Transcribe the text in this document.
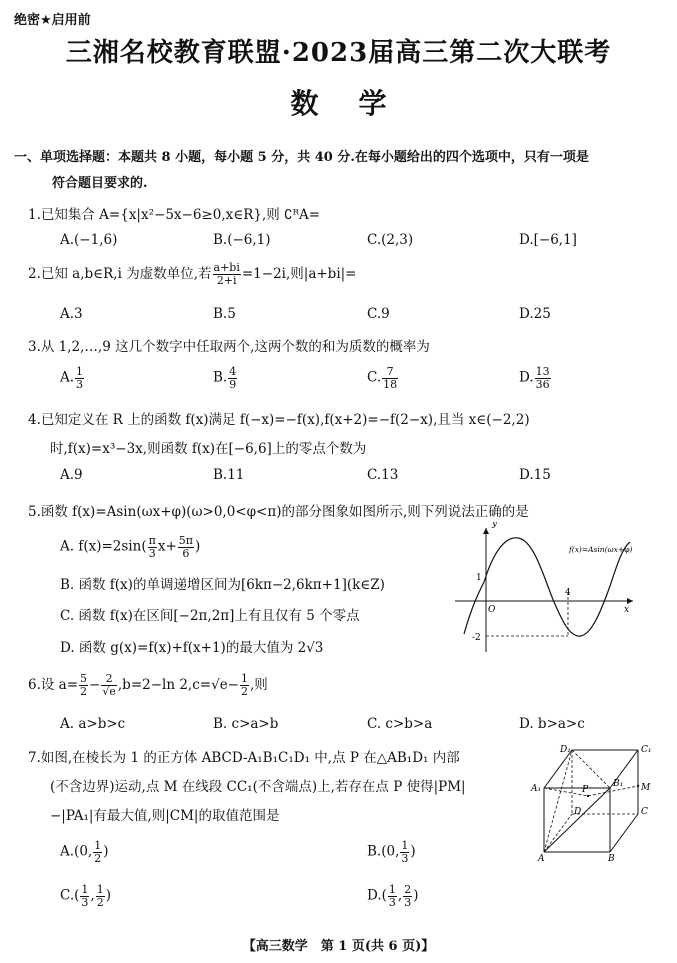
绝密★启用前
三湘名校教育联盟·2023届高三第二次大联考
数学
一、单项选择题：本题共 8 小题，每小题 5 分，共 40 分.在每小题给出的四个选项中，只有一项是
符合题目要求的.
1.已知集合 A={x|x²−5x−6≥0,x∈R},则 ∁ᴿA=
A.(−1,6)	B.(−6,1)	C.(2,3)	D.[−6,1]
2.已知 a,b∈R,i 为虚数单位,若 $\frac{a+bi}{2+i} =1-2i$,则|a+bi|=
A.3	B.5	C.9	D.25
3.从 1,2,…,9 这几个数字中任取两个,这两个数的和为质数的概率为
A. $\frac{1}{3}$	B. $\frac{4}{9}$	C. $\frac{7}{18}$	D. $\frac{13}{36}$
4.已知定义在 R 上的函数 f(x)满足 f(−x)=−f(x),f(x+2)=−f(2−x),且当 x∈(−2,2)
时,f(x)=x³−3x,则函数 f(x)在[−6,6]上的零点个数为
A.9	B.11	C.13	D.15
5.函数 f(x)=Asin(ωx+φ)(ω>0,0<φ<π)的部分图象如图所示,则下列说法正确的是
A. $f(x)=2\sin( \frac{\pi}{3} x+ \frac{5\pi}{6}$ )
B. 函数 f(x)的单调递增区间为[6kπ−2,6kπ+1](k∈Z)
C. 函数 f(x)在区间[−2π,2π]上有且仅有 5 个零点
D. 函数 g(x)=f(x)+f(x+1)的最大值为 2√3
y
x
O
1
4
-2
f(x)=Asin(ωx+φ)
6.设 $a= \frac{5}{2} - \frac{2}{√e} ,b=2-\ln$ $2,c=√e- \frac{1}{2}$ ,则
A. a>b>c	B. c>a>b	C. c>b>a	D. b>a>c
7.如图,在棱长为 1 的正方体 ABCD-A₁B₁C₁D₁ 中,点 P 在△AB₁D₁ 内部
(不含边界)运动,点 M 在线段 CC₁(不含端点)上,若存在点 P 使得|PM|
−|PA₁|有最大值,则|CM|的取值范围是
A.(0, $\frac{1}{2}$ )	B.(0, $\frac{1}{3}$ )
$C.( \frac{1}{3}$ , $\frac{1}{2}$ )	$D.( \frac{1}{3}$ , $\frac{2}{3}$ )
D₁	C₁
A₁	B₁ M
C
A	B
D
P
【高三数学　第 1 页(共 6 页)】
